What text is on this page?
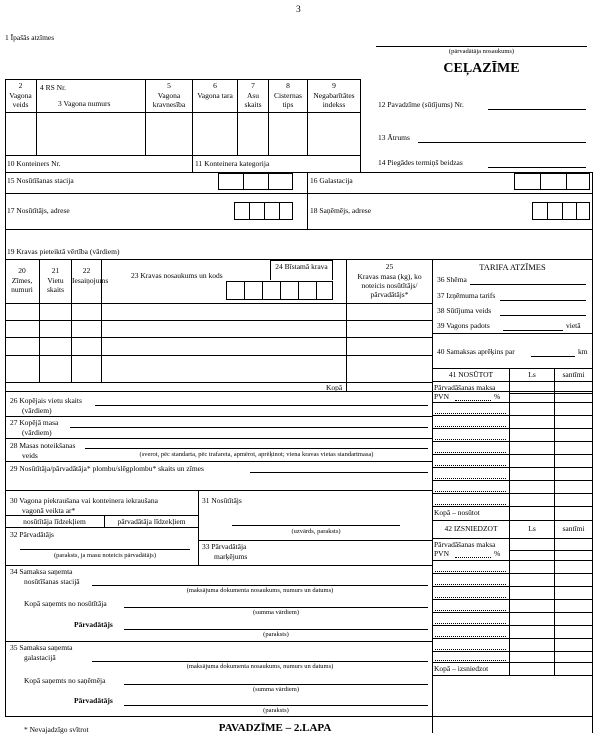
3
1 Īpašās atzīmes
(pārvadātāja nosaukums)
CEĻAZĪME
2
Vagona veids
4 RS Nr.
3 Vagona numurs
5
Vagona kravnesība
6
Vagona tara
7
Asu skaits
8
Cisternas tips
9
Negabarītātes indekss	12 Pavadzīme (sūtījums) Nr.
13 Ātrums
14 Piegādes termiņš beidzas
10 Konteiners Nr.	11 Konteinera kategorija
15 Nosūtīšanas stacija	16 Galastacija
17 Nosūtītājs, adrese	18 Saņēmējs, adrese
19 Kravas pieteiktā vērtība (vārdiem)
20
Zīmes, numuri
21
Vietu skaits
22
Iesaiņojums
23 Kravas nosaukums un kods
24 Bīstamā krava	25
Kravas masa (kg), ko noteicis nosūtītājs/ pārvadātājs*
Kopā
TARIFA ATZĪMES
36 Shēma
37 Izņēmuma tarifs
38 Sūtījuma veids
39 Vagons padots	vietā
40 Samaksas aprēķins par	km
41 NOSŪTOT	Ls	santīmi
Pārvadāšanas maksa
PVN	%
Kopā – nosūtot
42 IZSNIEDZOT	Ls	santīmi
Pārvadāšanas maksa
PVN	%
Kopā – izsniedzot
26 Kopējais vietu skaits
(vārdiem)
27 Kopējā masa
(vārdiem)
28 Masas noteikšanas
veids	(sverot, pēc standarta, pēc trafareta, apmērot, aprēķinot; viena kravas vietas standartmasa)
29 Nosūtītāja/pārvadātāja* plombu/slēgplombu* skaits un zīmes
30 Vagona piekraušana vai konteinera iekraušana
vagonā veikta ar*
nosūtītāja līdzekļiem	pārvadātāja līdzekļiem
31 Nosūtītājs
(uzvārds, paraksts)
32 Pārvadātājs
(paraksts, ja masu noteicis pārvadātājs)
33 Pārvadātāja
marķējums
34 Samaksa saņemta
nosūtīšanas stacijā
(maksājuma dokumenta nosaukums, numurs un datums)
Kopā saņemts no nosūtītāja
(summa vārdiem)
Pārvadātājs
(paraksts)
35 Samaksa saņemta
galastacijā
(maksājuma dokumenta nosaukums, numurs un datums)
Kopā saņemts no saņēmēja
(summa vārdiem)
Pārvadātājs
(paraksts)
* Nevajadzīgo svītrot	PAVADZĪME – 2.LAPA
